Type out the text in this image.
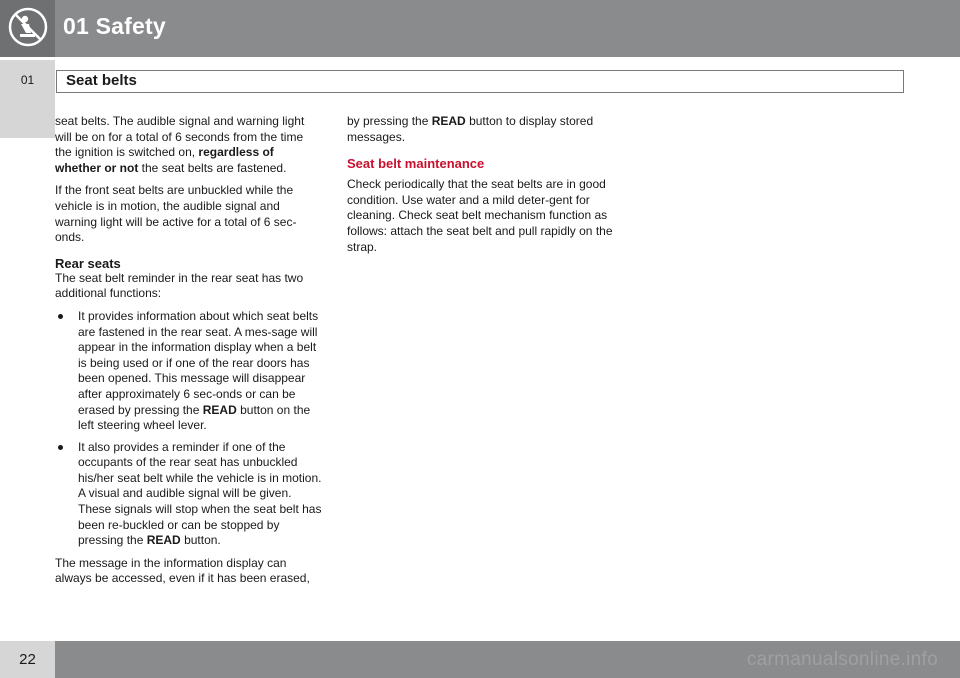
01 Safety
01	Seat belts

seat belts. The audible signal and warning light will be on for a total of 6 seconds from the time the ignition is switched on, regardless of whether or not the seat belts are fastened.

If the front seat belts are unbuckled while the vehicle is in motion, the audible signal and warning light will be active for a total of 6 sec-onds.

Rear seats

The seat belt reminder in the rear seat has two additional functions:

It provides information about which seat belts are fastened in the rear seat. A mes-sage will appear in the information display when a belt is being used or if one of the rear doors has been opened. This message will disappear after approximately 6 sec-onds or can be erased by pressing the READ button on the left steering wheel lever.
It also provides a reminder if one of the occupants of the rear seat has unbuckled his/her seat belt while the vehicle is in motion. A visual and audible signal will be given. These signals will stop when the seat belt has been re-buckled or can be stopped by pressing the READ button.

The message in the information display can always be accessed, even if it has been erased,

by pressing the READ button to display stored messages.

Seat belt maintenance

Check periodically that the seat belts are in good condition. Use water and a mild deter-gent for cleaning. Check seat belt mechanism function as follows: attach the seat belt and pull rapidly on the strap.

carmanualsonline.info
22
